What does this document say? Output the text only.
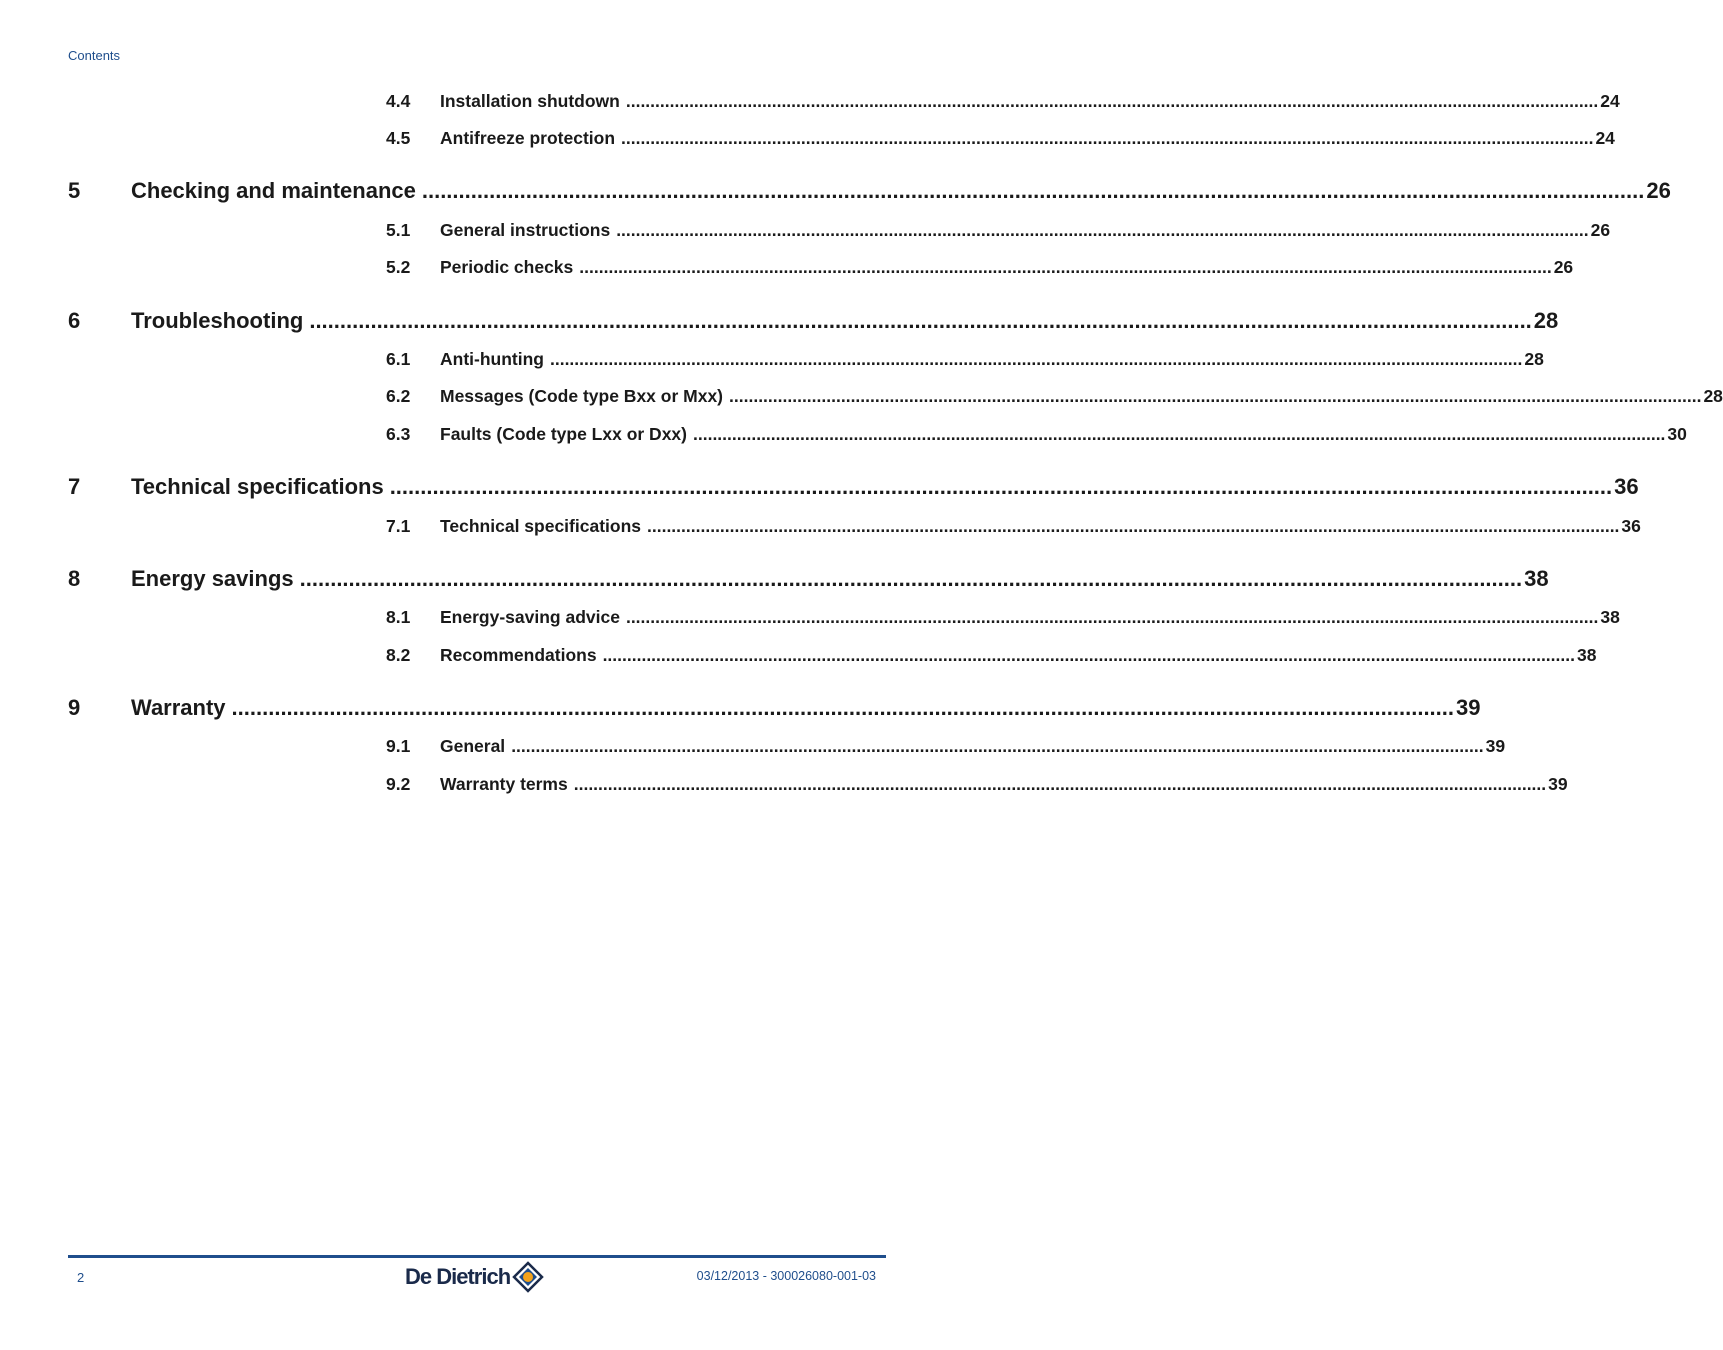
Contents
4.4	Installation shutdown ........................................................................................................................................................................................................ 24
4.5	Antifreeze protection ........................................................................................................................................................................................................ 24
5	Checking and maintenance ........................................................................................................................................................................................................ 26
5.1	General instructions ........................................................................................................................................................................................................ 26
5.2	Periodic checks ........................................................................................................................................................................................................ 26
6	Troubleshooting ........................................................................................................................................................................................................ 28
6.1	Anti-hunting ........................................................................................................................................................................................................ 28
6.2	Messages (Code type Bxx or Mxx) ........................................................................................................................................................................................................ 28
6.3	Faults (Code type Lxx or Dxx) ........................................................................................................................................................................................................ 30
7	Technical specifications ........................................................................................................................................................................................................ 36
7.1	Technical specifications ........................................................................................................................................................................................................ 36
8	Energy savings ........................................................................................................................................................................................................ 38
8.1	Energy-saving advice ........................................................................................................................................................................................................ 38
8.2	Recommendations ........................................................................................................................................................................................................ 38
9	Warranty ........................................................................................................................................................................................................ 39
9.1	General ........................................................................................................................................................................................................ 39
9.2	Warranty terms ........................................................................................................................................................................................................ 39
2	De Dietrich	03/12/2013 - 300026080-001-03
